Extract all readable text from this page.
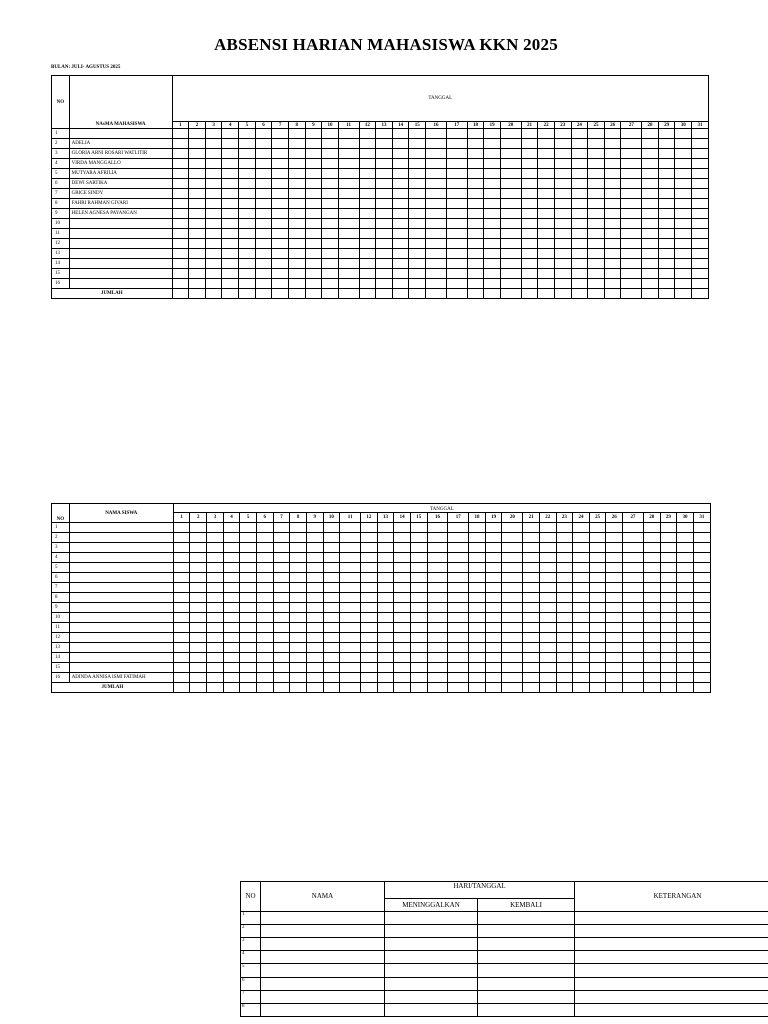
ABSENSI HARIAN MAHASISWA KKN 2025
BULAN: JULI- AGUSTUS 2025
NO	NAsMA MAHASISWA	TANGGAL																														
		1	2	3	4	5	6	7	8	9	10	11	12	13	14	15	16	17	18	19	20	21	22	23	24	25	26	27	28	29	30	31
1																																
2	ADELIA																															
3	GLORIA ARNI ROSARI WATLITIR																															
4	VIRDA MANGGALLO																															
5	MUTYARA AFRILIA																															
6	DEWI SARTIKA																															
7	GRICE SINDY																															
8	FAHRI RAHMAN GIVARI																															
9	HELEN AGNESA PAYANGAN																															
10																																
11																																
12																																
13																																
14																																
15																																
16																																
JUMLAH																																
NO	NAMA SISWA	TANGGAL																														
		1	2	3	4	5	6	7	8	9	10	11	12	13	14	15	16	17	18	19	20	21	22	23	24	25	26	27	28	29	30	31
1																																
2																																
3																																
4																																
5																																
6																																
7																																
8																																
9																																
10																																
11																																
12																																
13																																
14																																
15																																
16	ADINDA ANNISA ISMI FATIMAH																															
JUMLAH																																
NO	NAMA	HARI/TANGGAL		KETERANGAN
		MENINGGALKAN	KEMBALI	
1				
2				
3				
4				
5				
6				
7				
8				
